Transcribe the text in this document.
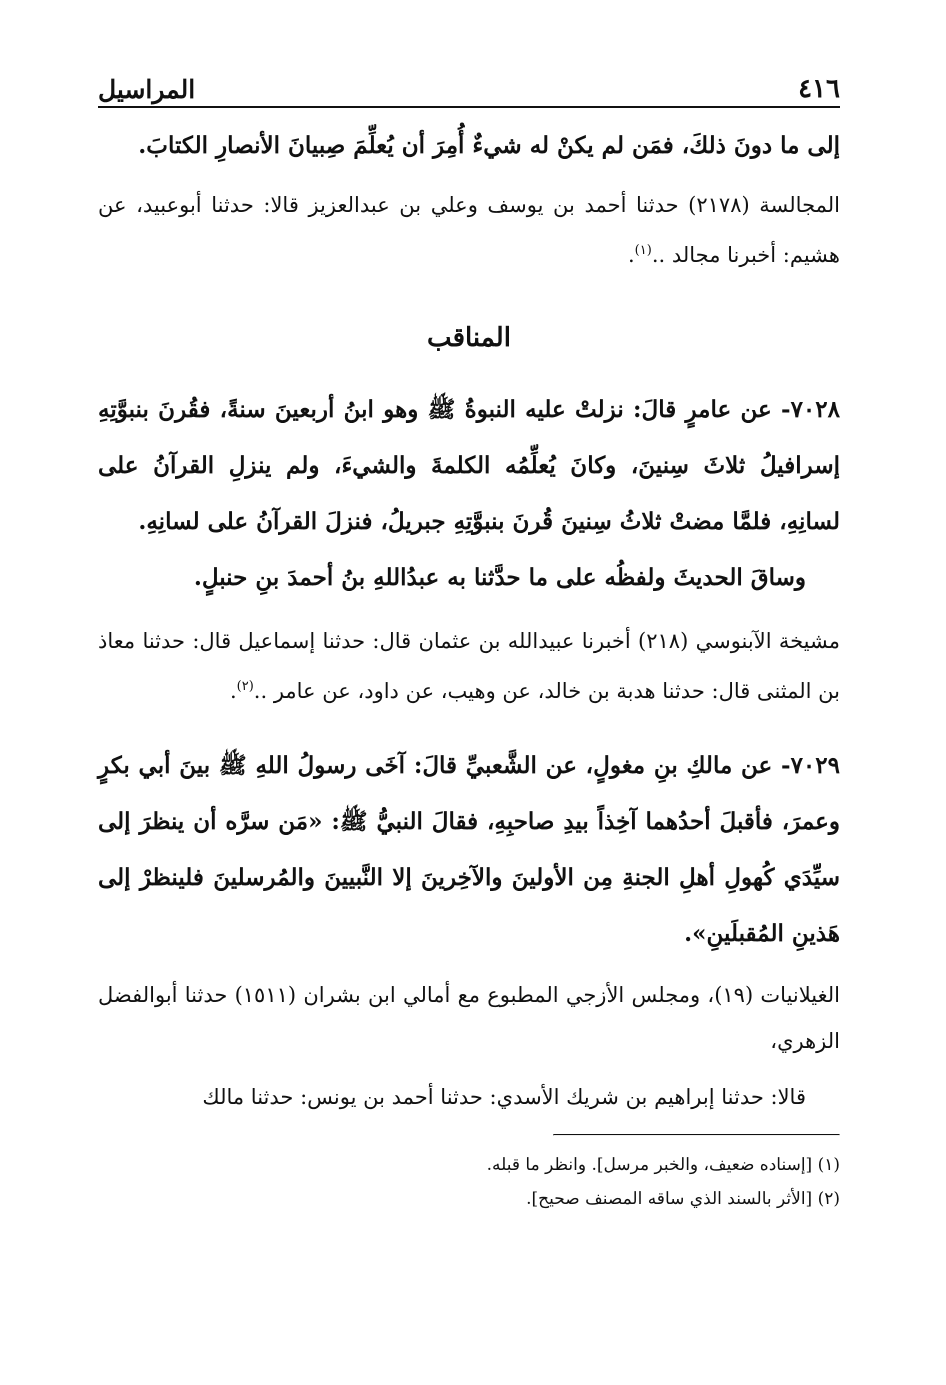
٤١٦
المراسيل

إلى ما دونَ ذلكَ، فمَن لم يكنْ له شيءٌ أُمِرَ أن يُعلِّمَ صِبيانَ الأنصارِ الكتابَ.

المجالسة (٢١٧٨) حدثنا أحمد بن يوسف وعلي بن عبدالعزيز قالا: حدثنا أبوعبيد، عن هشيم: أخبرنا مجالد ..$^{(١)}$.

المناقب

٧٠٢٨- عن عامرٍ قالَ: نزلتْ عليه النبوةُ ﷺ وهو ابنُ أربعينَ سنةً، فقُرنَ بنبوَّتِهِ إسرافيلُ ثلاثَ سِنينَ، وكانَ يُعلِّمُه الكلمةَ والشيءَ، ولم ينزلِ القرآنُ على لسانِهِ، فلمَّا مضتْ ثلاثُ سِنينَ قُرنَ بنبوَّتِهِ جبريلُ، فنزلَ القرآنُ على لسانِهِ.

وساقَ الحديثَ ولفظُه على ما حدَّثنا به عبدُاللهِ بنُ أحمدَ بنِ حنبلٍ.

مشيخة الآبنوسي (٢١٨) أخبرنا عبيدالله بن عثمان قال: حدثنا إسماعيل قال: حدثنا معاذ بن المثنى قال: حدثنا هدبة بن خالد، عن وهيب، عن داود، عن عامر ..$^{(٢)}$.

٧٠٢٩- عن مالكِ بنِ مغولٍ، عن الشَّعبيِّ قالَ: آخَى رسولُ اللهِ ﷺ بينَ أبي بكرٍ وعمرَ، فأقبلَ أحدُهما آخِذاً بيدِ صاحبِهِ، فقالَ النبيُّ ﷺ: «مَن سرَّه أن ينظرَ إلى سيِّدَي كُهولِ أهلِ الجنةِ مِن الأولينَ والآخِرينَ إلا النَّبيينَ والمُرسلينَ فلينظرْ إلى هَذينِ المُقبلَينِ».

الغيلانيات (١٩)، ومجلس الأزجي المطبوع مع أمالي ابن بشران (١٥١١) حدثنا أبوالفضل الزهري،

قالا: حدثنا إبراهيم بن شريك الأسدي: حدثنا أحمد بن يونس: حدثنا مالك

(١) [إسناده ضعيف، والخبر مرسل]. وانظر ما قبله.

(٢) [الأثر بالسند الذي ساقه المصنف صحيح].
